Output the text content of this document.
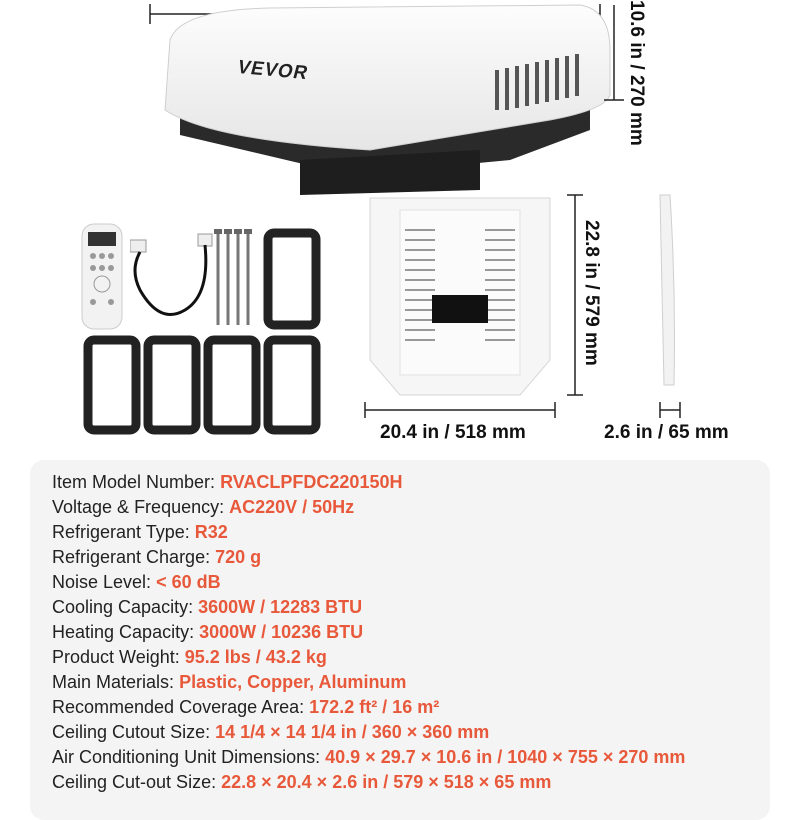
VEVOR	10.6 in / 270 mm
22.8 in / 579 mm
20.4 in / 518 mm	2.6 in / 65 mm
Item Model Number: RVACLPFDC220150H
Voltage & Frequency: AC220V / 50Hz
Refrigerant Type: R32
Refrigerant Charge: 720 g
Noise Level: < 60 dB
Cooling Capacity: 3600W / 12283 BTU
Heating Capacity: 3000W / 10236 BTU
Product Weight: 95.2 lbs / 43.2 kg
Main Materials: Plastic, Copper, Aluminum
Recommended Coverage Area: 172.2 ft² / 16 m²
Ceiling Cutout Size: 14 1/4 × 14 1/4 in / 360 × 360 mm
Air Conditioning Unit Dimensions: 40.9 × 29.7 × 10.6 in / 1040 × 755 × 270 mm
Ceiling Cut-out Size: 22.8 × 20.4 × 2.6 in / 579 × 518 × 65 mm
